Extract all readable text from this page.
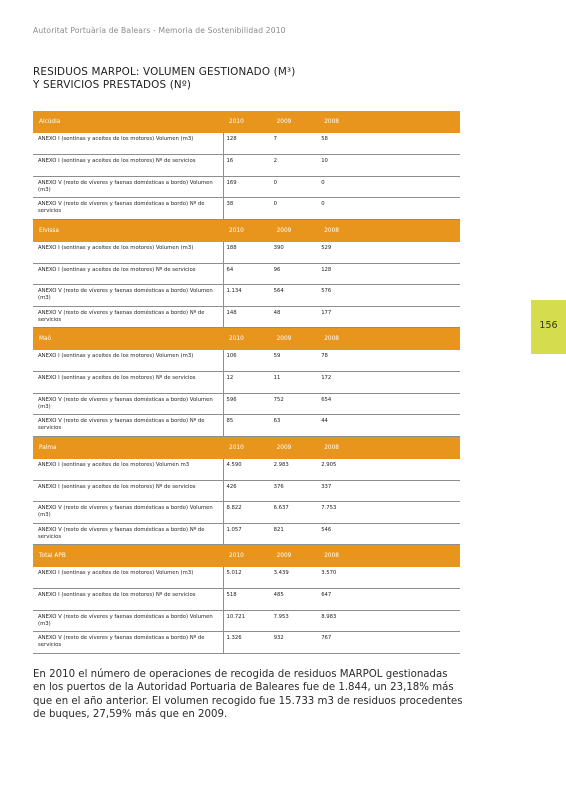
Autoritat Portuària de Balears - Memoria de Sostenibilidad 2010
RESIDUOS MARPOL: VOLUMEN GESTIONADO (M³)
Y SERVICIOS PRESTADOS (Nº)
156
Alcúdia	2010	2009	2008	
ANEXO I (sentinas y aceites de los motores) Volumen (m3)	128	7	58	
ANEXO I (sentinas y aceites de los motores) Nº de servicios	16	2	10	
ANEXO V (resto de víveres y faenas domésticas a bordo) Volumen (m3)	169	0	0	
ANEXO V (resto de víveres y faenas domésticas a bordo) Nº de servicios	38	0	0	
Eivissa	2010	2009	2008	
ANEXO I (sentinas y aceites de los motores) Volumen (m3)	188	390	529	
ANEXO I (sentinas y aceites de los motores) Nº de servicios	64	96	128	
ANEXO V (resto de víveres y faenas domésticas a bordo) Volumen (m3)	1.134	564	576	
ANEXO V (resto de víveres y faenas domésticas a bordo) Nº de servicios	148	48	177	
Maó	2010	2009	2008	
ANEXO I (sentinas y aceites de los motores) Volumen (m3)	106	59	78	
ANEXO I (sentinas y aceites de los motores) Nº de servicios	12	11	172	
ANEXO V (resto de víveres y faenas domésticas a bordo) Volumen (m3)	596	752	654	
ANEXO V (resto de víveres y faenas domésticas a bordo) Nº de servicios	85	63	44	
Palma	2010	2009	2008	
ANEXO I (sentinas y aceites de los motores) Volumen m3	4.590	2.983	2.905	
ANEXO I (sentinas y aceites de los motores) Nº de servicios	426	376	337	
ANEXO V (resto de víveres y faenas domésticas a bordo) Volumen (m3)	8.822	6.637	7.753	
ANEXO V (resto de víveres y faenas domésticas a bordo) Nº de servicios	1.057	821	546	
Total APB	2010	2009	2008	
ANEXO I (sentinas y aceites de los motores) Volumen (m3)	5.012	3.439	3.570	
ANEXO I (sentinas y aceites de los motores) Nº de servicios	518	485	647	
ANEXO V (resto de víveres y faenas domésticas a bordo) Volumen (m3)	10.721	7.953	8.983	
ANEXO V (resto de víveres y faenas domésticas a bordo) Nº de servicios	1.326	932	767	

En 2010 el número de operaciones de recogida de residuos MARPOL gestionadas en los puertos de la Autoridad Portuaria de Baleares fue de 1.844, un 23,18% más que en el año anterior. El volumen recogido fue 15.733 m3 de residuos procedentes de buques, 27,59% más que en 2009.
